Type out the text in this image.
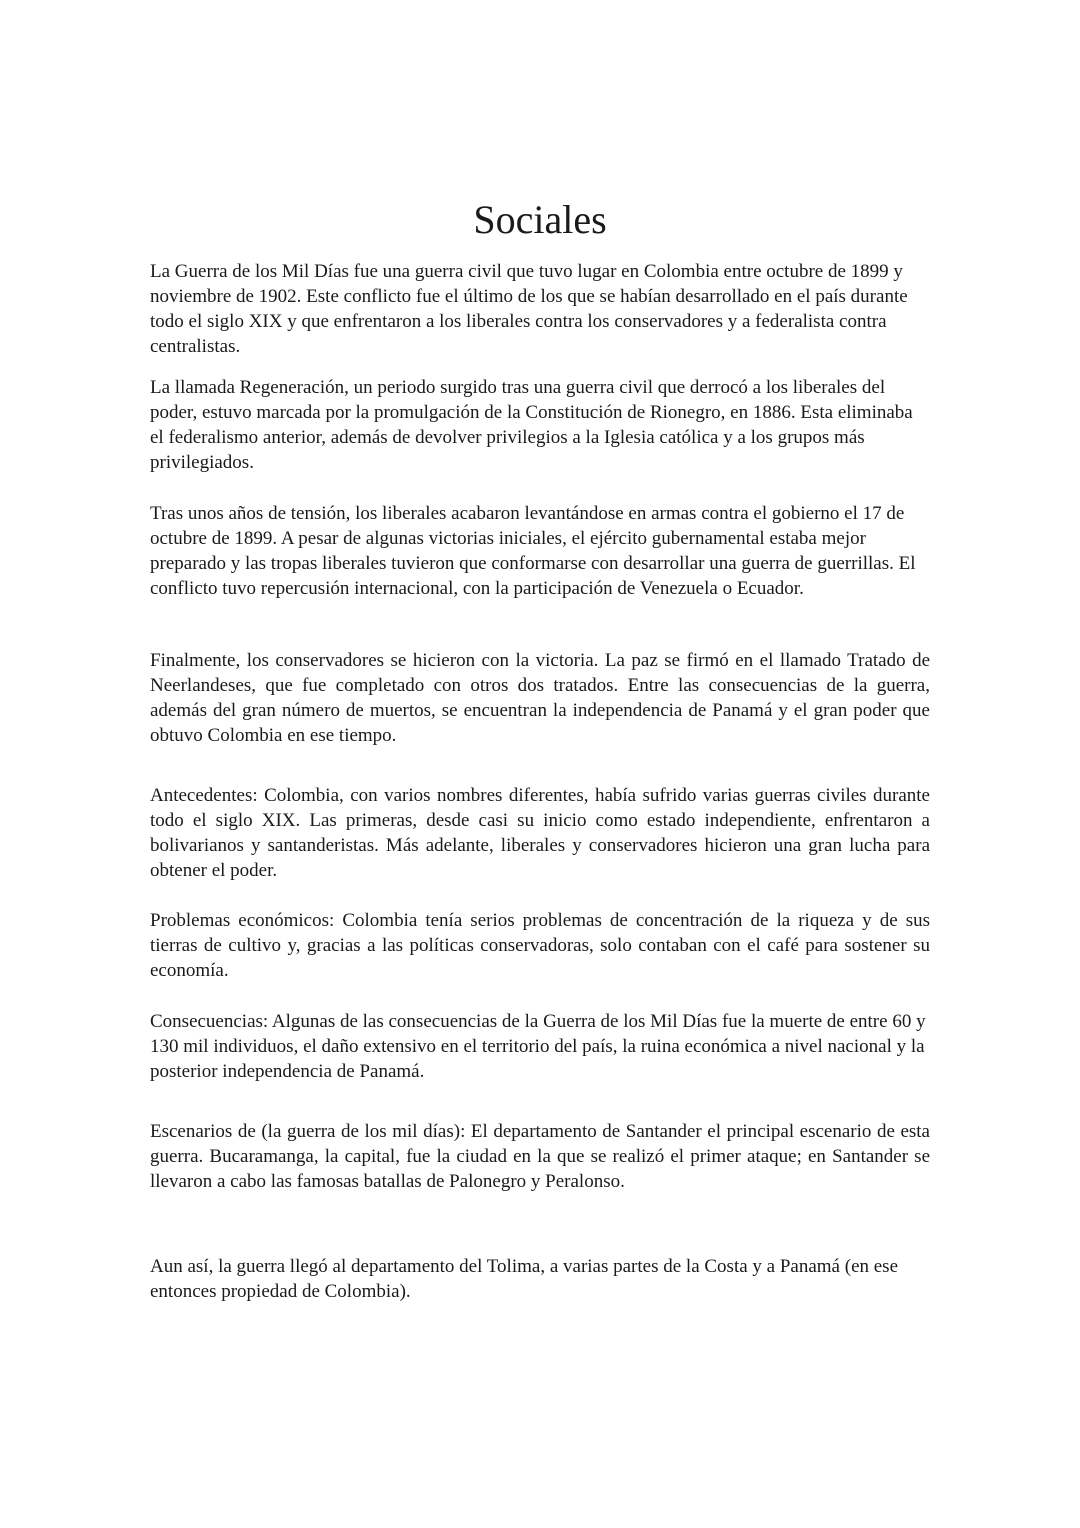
Sociales

La Guerra de los Mil Días fue una guerra civil que tuvo lugar en Colombia entre octubre de 1899 y noviembre de 1902. Este conflicto fue el último de los que se habían desarrollado en el país durante todo el siglo XIX y que enfrentaron a los liberales contra los conservadores y a federalista contra centralistas.

La llamada Regeneración, un periodo surgido tras una guerra civil que derrocó a los liberales del poder, estuvo marcada por la promulgación de la Constitución de Rionegro, en 1886. Esta eliminaba el federalismo anterior, además de devolver privilegios a la Iglesia católica y a los grupos más privilegiados.

Tras unos años de tensión, los liberales acabaron levantándose en armas contra el gobierno el 17 de octubre de 1899. A pesar de algunas victorias iniciales, el ejército gubernamental estaba mejor preparado y las tropas liberales tuvieron que conformarse con desarrollar una guerra de guerrillas. El conflicto tuvo repercusión internacional, con la participación de Venezuela o Ecuador.

Finalmente, los conservadores se hicieron con la victoria. La paz se firmó en el llamado Tratado de Neerlandeses, que fue completado con otros dos tratados. Entre las consecuencias de la guerra, además del gran número de muertos, se encuentran la independencia de Panamá y el gran poder que obtuvo Colombia en ese tiempo.

Antecedentes: Colombia, con varios nombres diferentes, había sufrido varias guerras civiles durante todo el siglo XIX. Las primeras, desde casi su inicio como estado independiente, enfrentaron a bolivarianos y santanderistas. Más adelante, liberales y conservadores hicieron una gran lucha para obtener el poder.

Problemas económicos: Colombia tenía serios problemas de concentración de la riqueza y de sus tierras de cultivo y, gracias a las políticas conservadoras, solo contaban con el café para sostener su economía.

Consecuencias: Algunas de las consecuencias de la Guerra de los Mil Días fue la muerte de entre 60 y 130 mil individuos, el daño extensivo en el territorio del país, la ruina económica a nivel nacional y la posterior independencia de Panamá.

Escenarios de (la guerra de los mil días): El departamento de Santander el principal escenario de esta guerra. Bucaramanga, la capital, fue la ciudad en la que se realizó el primer ataque; en Santander se llevaron a cabo las famosas batallas de Palonegro y Peralonso.

Aun así, la guerra llegó al departamento del Tolima, a varias partes de la Costa y a Panamá (en ese entonces propiedad de Colombia).
